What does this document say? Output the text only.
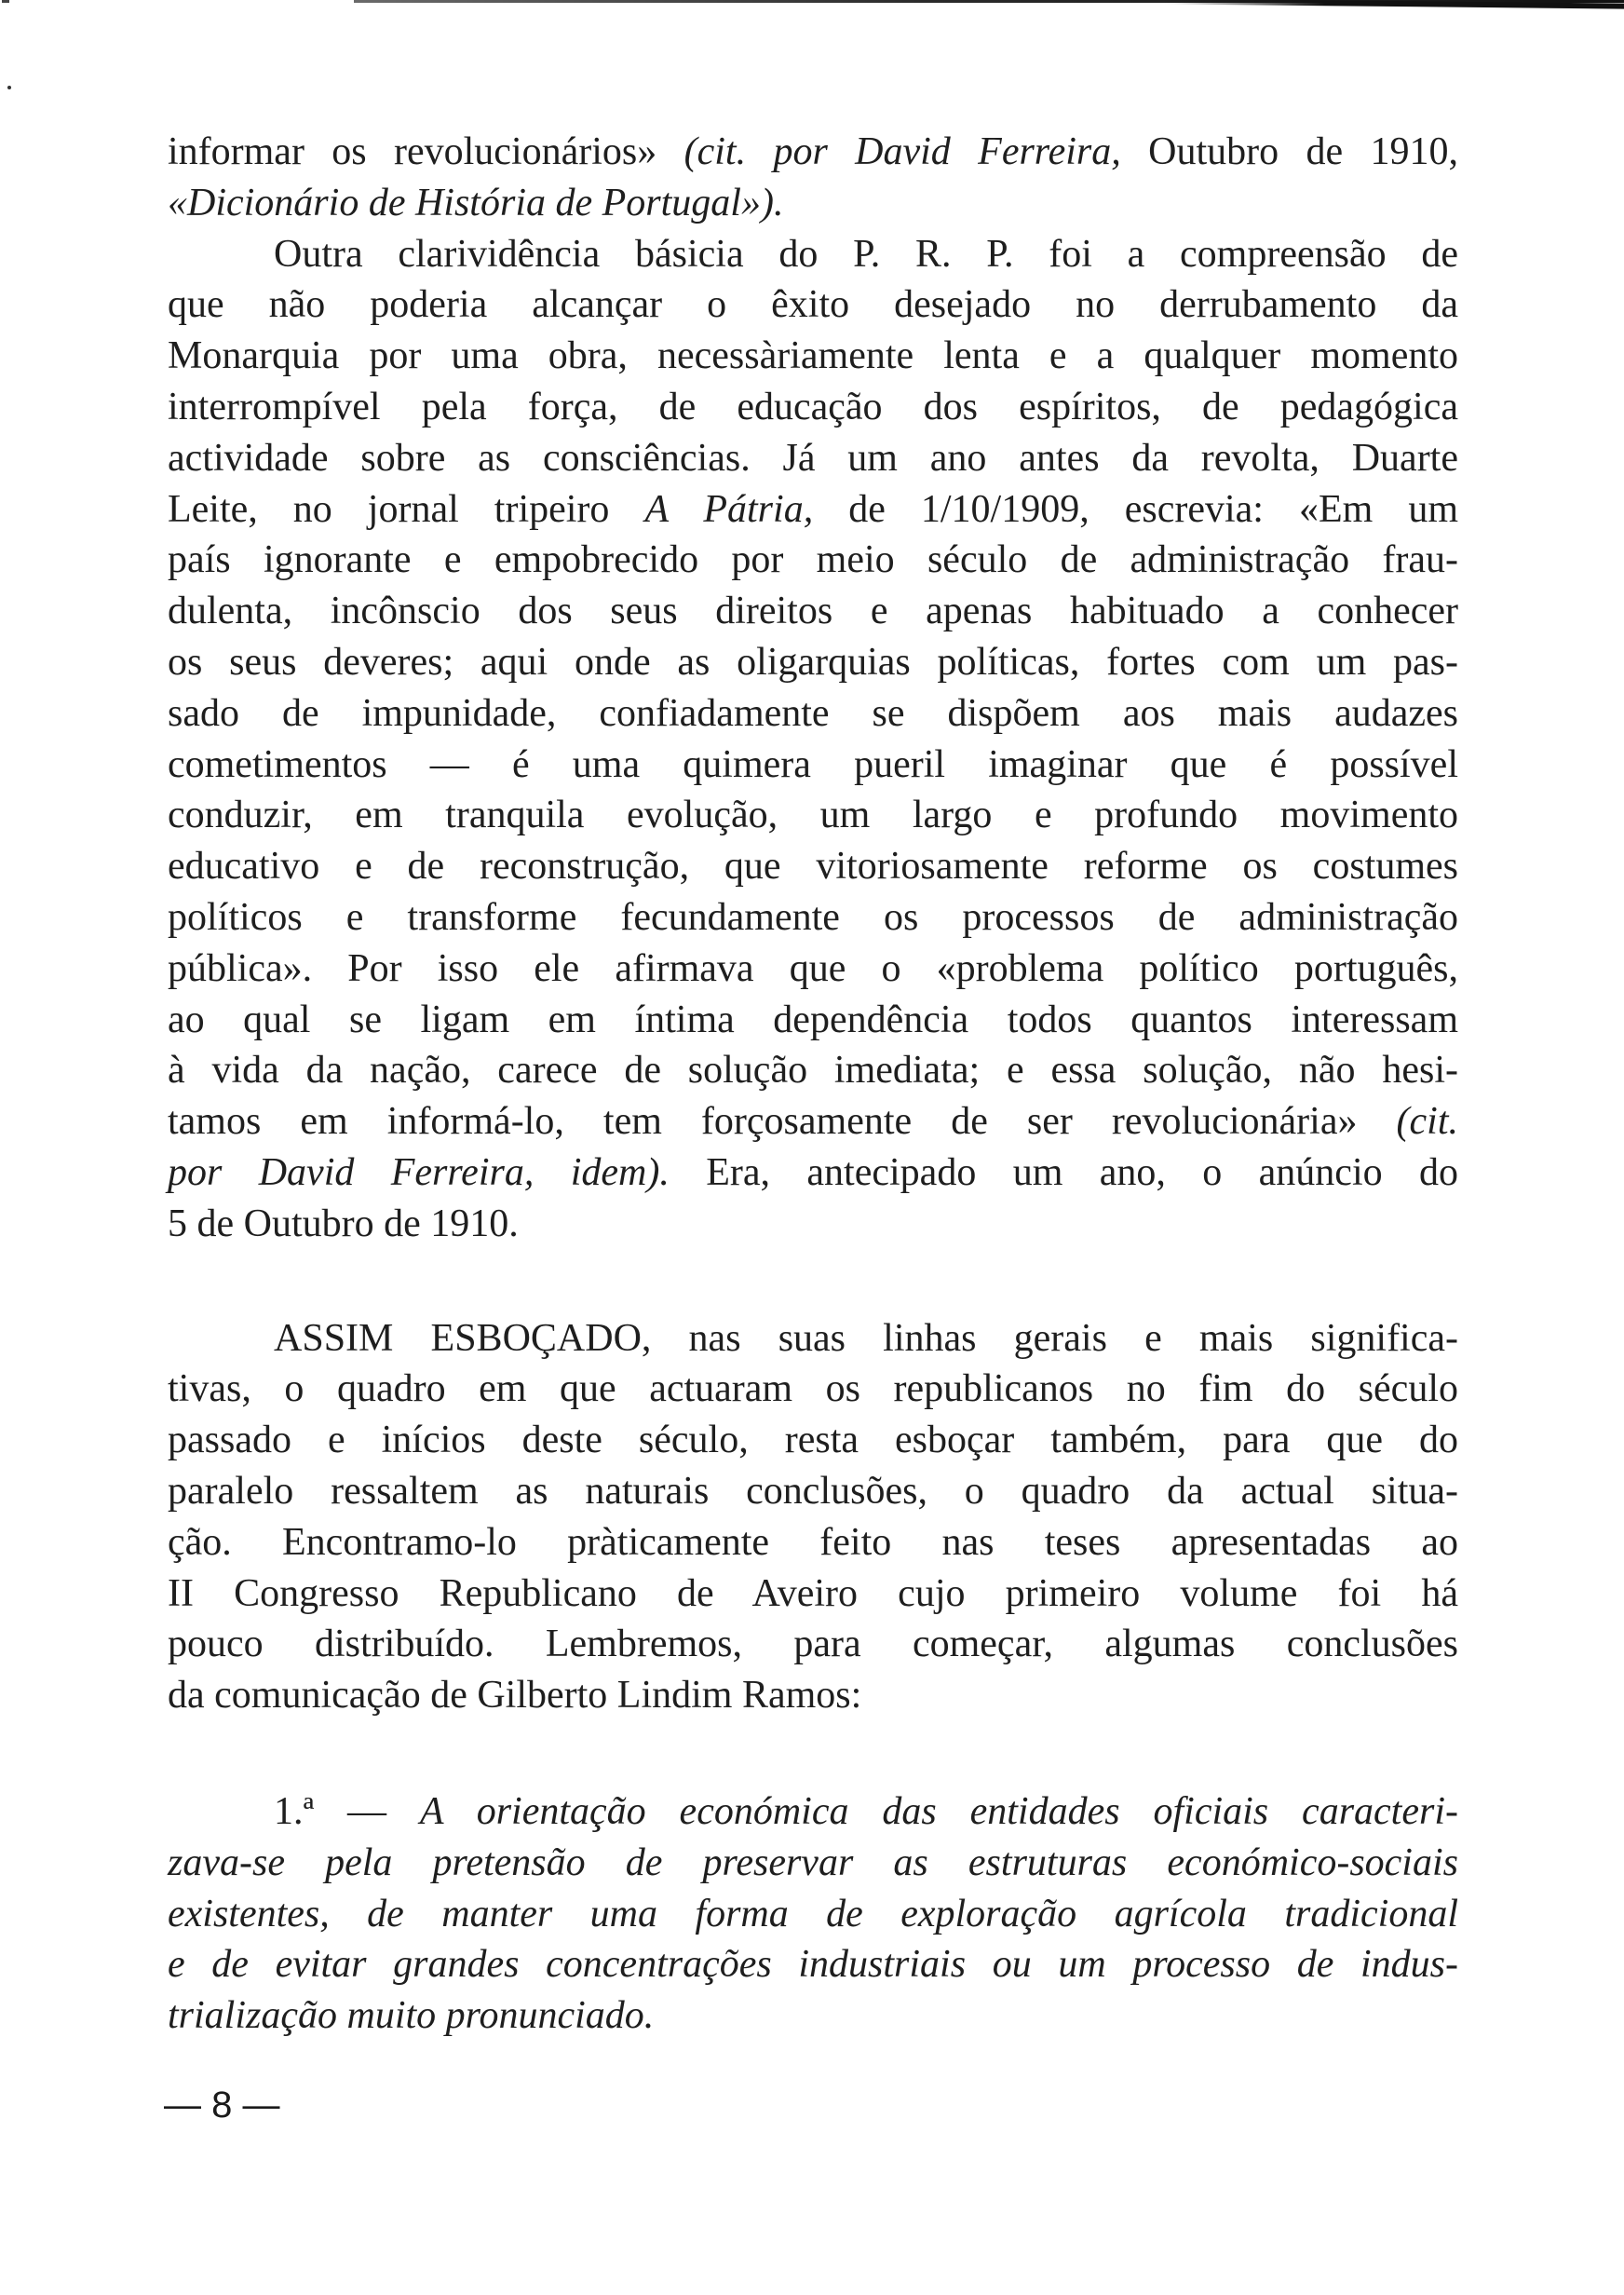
informar os revolucionários» (cit. por David Ferreira, Outubro de 1910,
«Dicionário de História de Portugal»).
Outra clarividência básicia do P. R. P. foi a compreensão de
que não poderia alcançar o êxito desejado no derrubamento da
Monarquia por uma obra, necessàriamente lenta e a qualquer momento
interrompível pela força, de educação dos espíritos, de pedagógica
actividade sobre as consciências. Já um ano antes da revolta, Duarte
Leite, no jornal tripeiro A Pátria, de 1/10/1909, escrevia: «Em um
país ignorante e empobrecido por meio século de administração frau-
dulenta, incônscio dos seus direitos e apenas habituado a conhecer
os seus deveres; aqui onde as oligarquias políticas, fortes com um pas-
sado de impunidade, confiadamente se dispõem aos mais audazes
cometimentos — é uma quimera pueril imaginar que é possível
conduzir, em tranquila evolução, um largo e profundo movimento
educativo e de reconstrução, que vitoriosamente reforme os costumes
políticos e transforme fecundamente os processos de administração
pública». Por isso ele afirmava que o «problema político português,
ao qual se ligam em íntima dependência todos quantos interessam
à vida da nação, carece de solução imediata; e essa solução, não hesi-
tamos em informá-lo, tem forçosamente de ser revolucionária» (cit.
por David Ferreira, idem). Era, antecipado um ano, o anúncio do
5 de Outubro de 1910.
ASSIM ESBOÇADO, nas suas linhas gerais e mais significa-
tivas, o quadro em que actuaram os republicanos no fim do século
passado e inícios deste século, resta esboçar também, para que do
paralelo ressaltem as naturais conclusões, o quadro da actual situa-
ção. Encontramo-lo pràticamente feito nas teses apresentadas ao
II Congresso Republicano de Aveiro cujo primeiro volume foi há
pouco distribuído. Lembremos, para começar, algumas conclusões
da comunicação de Gilberto Lindim Ramos:
1.ª — A orientação económica das entidades oficiais caracteri-
zava-se pela pretensão de preservar as estruturas económico-sociais
existentes, de manter uma forma de exploração agrícola tradicional
e de evitar grandes concentrações industriais ou um processo de indus-
trialização muito pronunciado.
— 8 —
